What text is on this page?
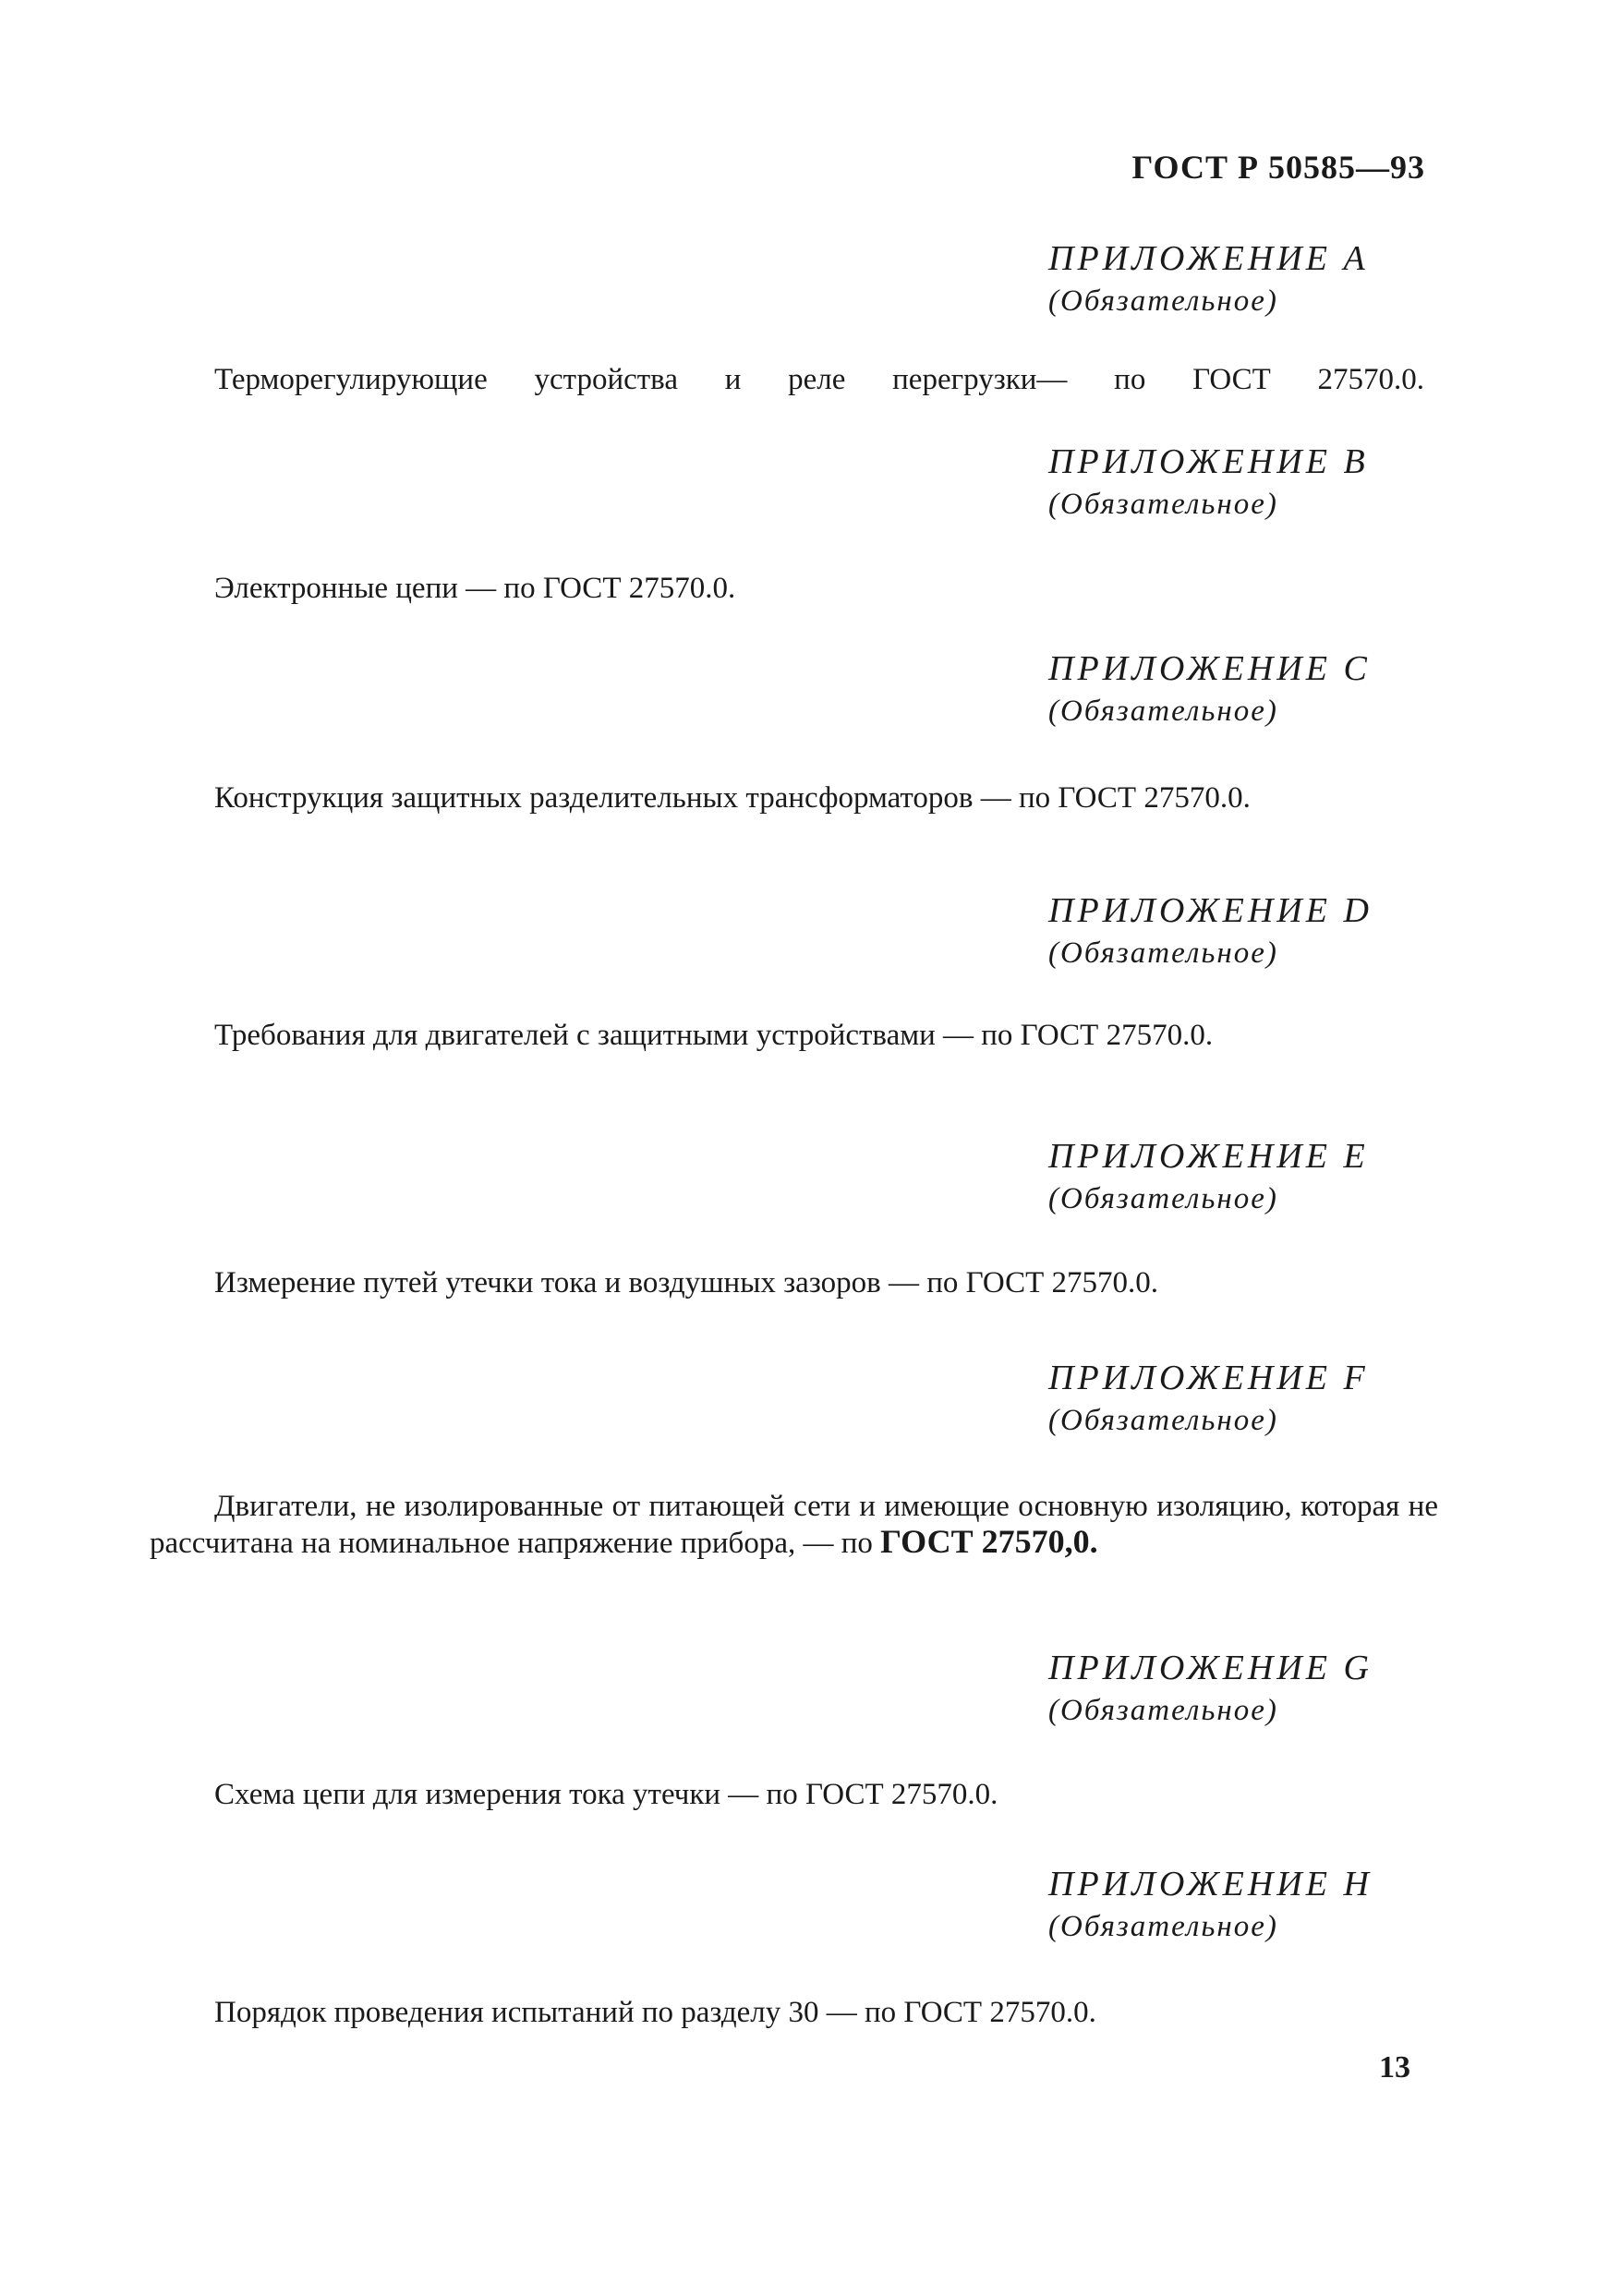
ГОСТ Р 50585—93
ПРИЛОЖЕНИЕ А
(Обязательное)
Терморегулирующие устройства и реле перегрузки— по ГОСТ 27570.0.
ПРИЛОЖЕНИЕ В
(Обязательное)
Электронные цепи — по ГОСТ 27570.0.
ПРИЛОЖЕНИЕ С
(Обязательное)
Конструкция защитных разделительных трансформаторов — по ГОСТ 27570.0.
ПРИЛОЖЕНИЕ D
(Обязательное)
Требования для двигателей с защитными устройствами — по ГОСТ 27570.0.
ПРИЛОЖЕНИЕ Е
(Обязательное)
Измерение путей утечки тока и воздушных зазоров — по ГОСТ 27570.0.
ПРИЛОЖЕНИЕ F
(Обязательное)
Двигатели, не изолированные от питающей сети и имеющие основную изоляцию, которая не рассчитана на номинальное напряжение прибора, — по ГОСТ 27570,0.
ПРИЛОЖЕНИЕ G
(Обязательное)
Схема цепи для измерения тока утечки — по ГОСТ 27570.0.
ПРИЛОЖЕНИЕ Н
(Обязательное)
Порядок проведения испытаний по разделу 30 — по ГОСТ 27570.0.
13
